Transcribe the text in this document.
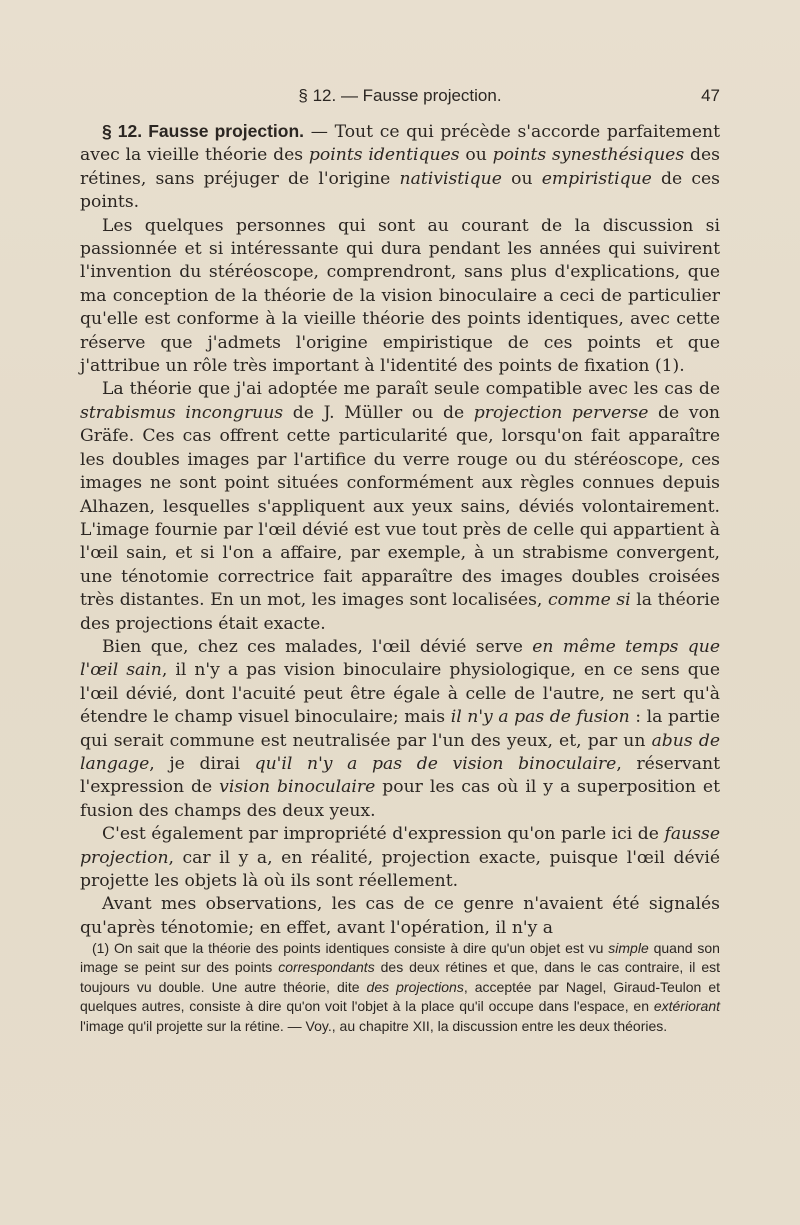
§ 12. — Fausse projection.	47

§ 12. Fausse projection. — Tout ce qui précède s'accorde parfaitement avec la vieille théorie des points identiques ou points synesthésiques des rétines, sans préjuger de l'origine nativistique ou empiristique de ces points.

Les quelques personnes qui sont au courant de la discussion si passionnée et si intéressante qui dura pendant les années qui suivirent l'invention du stéréoscope, comprendront, sans plus d'explications, que ma conception de la théorie de la vision binoculaire a ceci de particulier qu'elle est conforme à la vieille théorie des points identiques, avec cette réserve que j'admets l'origine empiristique de ces points et que j'attribue un rôle très important à l'identité des points de fixation (1).

La théorie que j'ai adoptée me paraît seule compatible avec les cas de strabismus incongruus de J. Müller ou de projection perverse de von Gräfe. Ces cas offrent cette particularité que, lorsqu'on fait apparaître les doubles images par l'artifice du verre rouge ou du stéréoscope, ces images ne sont point situées conformément aux règles connues depuis Alhazen, lesquelles s'appliquent aux yeux sains, déviés volontairement. L'image fournie par l'œil dévié est vue tout près de celle qui appartient à l'œil sain, et si l'on a affaire, par exemple, à un strabisme convergent, une ténotomie correctrice fait apparaître des images doubles croisées très distantes. En un mot, les images sont localisées, comme si la théorie des projections était exacte.

Bien que, chez ces malades, l'œil dévié serve en même temps que l'œil sain, il n'y a pas vision binoculaire physiologique, en ce sens que l'œil dévié, dont l'acuité peut être égale à celle de l'autre, ne sert qu'à étendre le champ visuel binoculaire; mais il n'y a pas de fusion : la partie qui serait commune est neutralisée par l'un des yeux, et, par un abus de langage, je dirai qu'il n'y a pas de vision binoculaire, réservant l'expression de vision binoculaire pour les cas où il y a superposition et fusion des champs des deux yeux.

C'est également par impropriété d'expression qu'on parle ici de fausse projection, car il y a, en réalité, projection exacte, puisque l'œil dévié projette les objets là où ils sont réellement.

Avant mes observations, les cas de ce genre n'avaient été signalés qu'après ténotomie; en effet, avant l'opération, il n'y a

(1) On sait que la théorie des points identiques consiste à dire qu'un objet est vu simple quand son image se peint sur des points correspondants des deux rétines et que, dans le cas contraire, il est toujours vu double. Une autre théorie, dite des projections, acceptée par Nagel, Giraud-Teulon et quelques autres, consiste à dire qu'on voit l'objet à la place qu'il occupe dans l'espace, en extériorant l'image qu'il projette sur la rétine. — Voy., au chapitre XII, la discussion entre les deux théories.
